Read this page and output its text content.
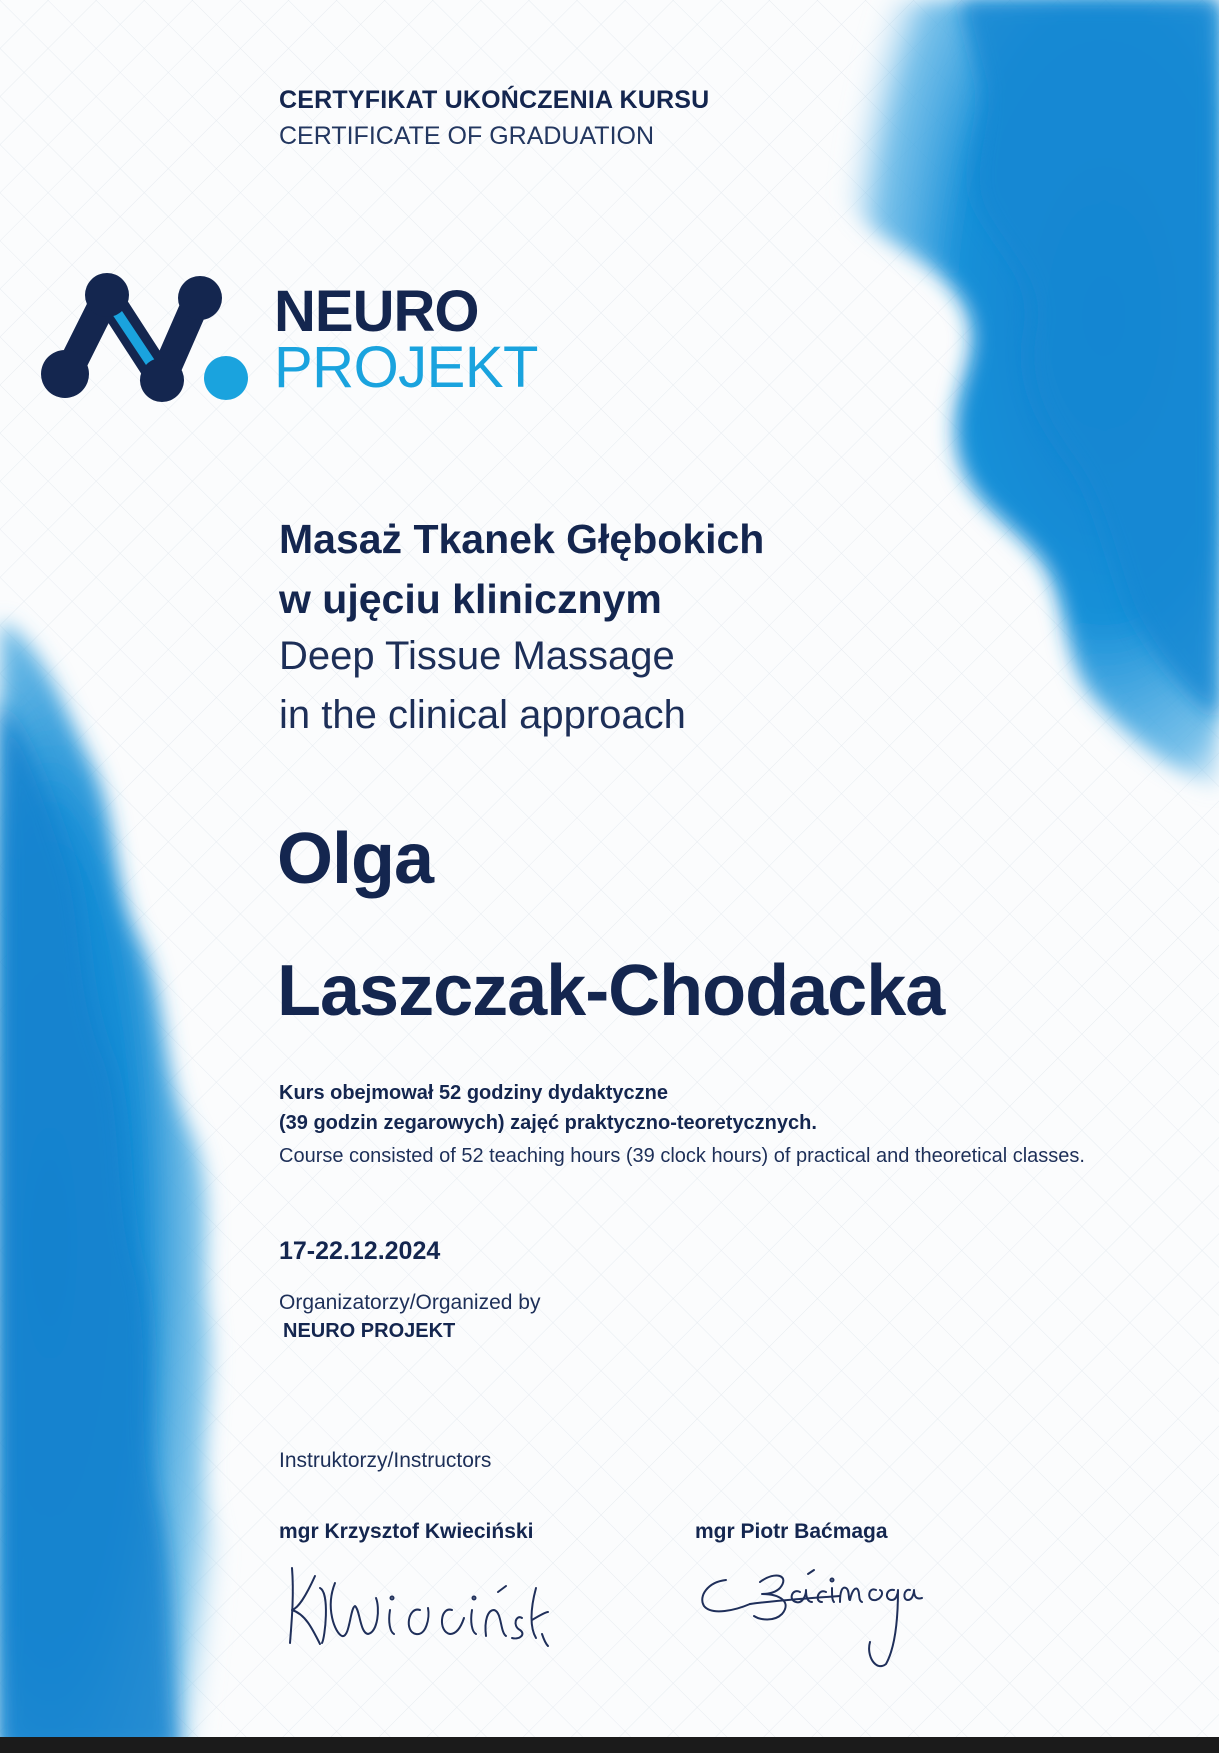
CERTYFIKAT UKOŃCZENIA KURSU
CERTIFICATE OF GRADUATION
NEURO
PROJEKT
Masaż Tkanek Głębokich
w ujęciu klinicznym
Deep Tissue Massage
in the clinical approach
Olga
Laszczak-Chodacka
Kurs obejmował 52 godziny dydaktyczne
(39 godzin zegarowych) zajęć praktyczno-teoretycznych.
Course consisted of 52 teaching hours (39 clock hours) of practical and theoretical classes.
17-22.12.2024
Organizatorzy/Organized by
NEURO PROJEKT
Instruktorzy/Instructors
mgr Krzysztof Kwieciński	mgr Piotr Baćmaga
